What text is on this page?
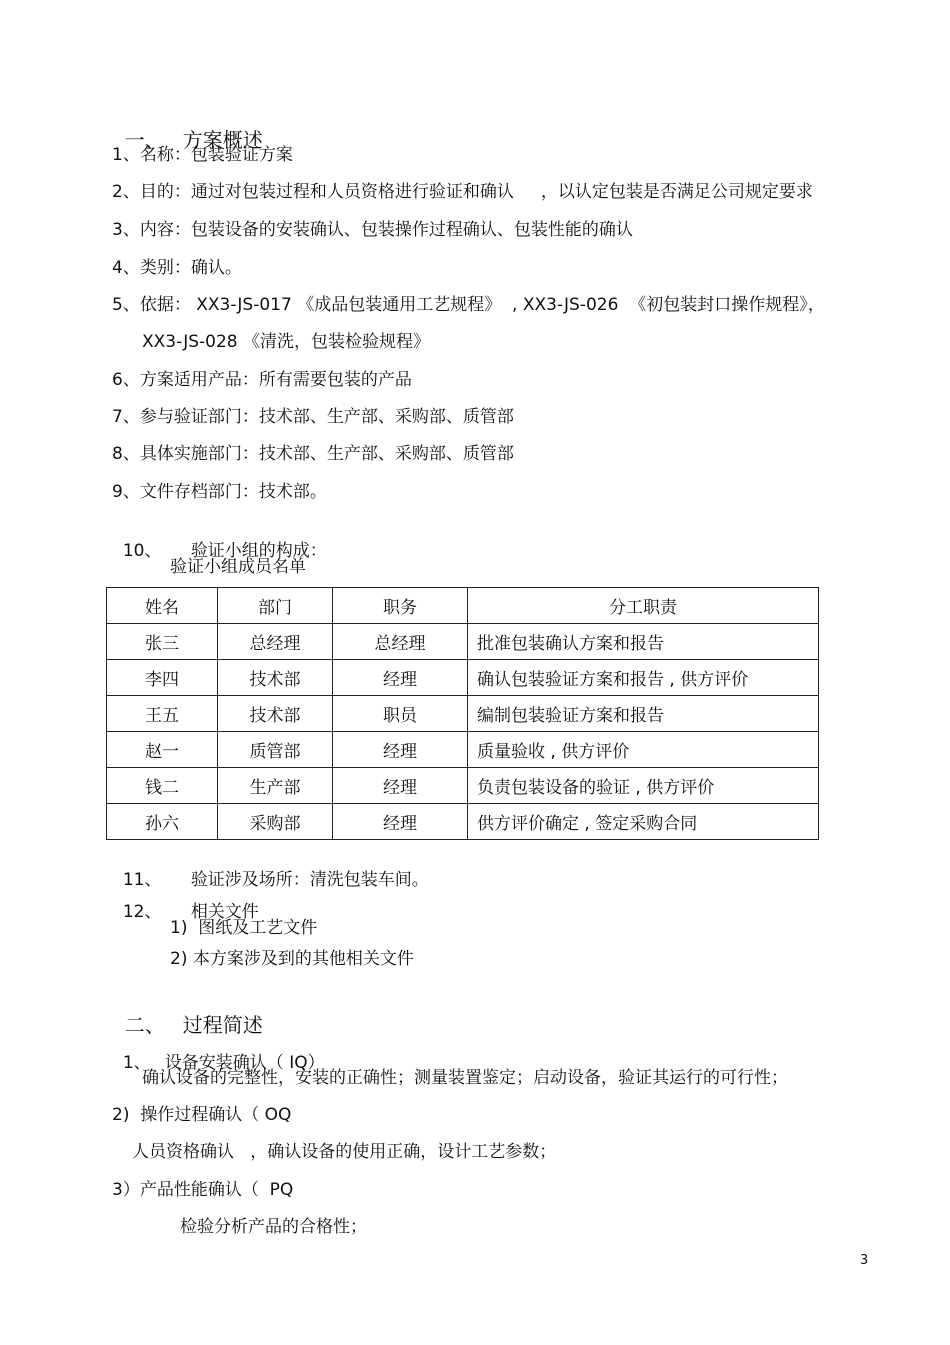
一、 方案概述

1、名称：包装验证方案
2、目的：通过对包装过程和人员资格进行验证和确认     ，以认定包装是否满足公司规定要求
3、内容：包装设备的安装确认、包装操作过程确认、包装性能的确认
4、类别：确认。
5、依据： XX3-JS-017 《成品包装通用工艺规程》  , XX3-JS-026  《初包装封口操作规程》，
XX3-JS-028 《清洗，包装检验规程》
6、方案适用产品：所有需要包装的产品
7、参与验证部门：技术部、生产部、采购部、质管部
8、具体实施部门：技术部、生产部、采购部、质管部
9、文件存档部门：技术部。

10、 验证小组的构成：

验证小组成员名单
姓名	部门	职务	分工职责
张三	总经理	总经理	批准包装确认方案和报告
李四	技术部	经理	确认包装验证方案和报告 , 供方评价
王五	技术部	职员	编制包装验证方案和报告
赵一	质管部	经理	质量验收 , 供方评价
钱二	生产部	经理	负责包装设备的验证 , 供方评价
孙六	采购部	经理	供方评价确定 , 签定采购合同

11、 验证涉及场所：清洗包装车间。

12、 相关文件

1)  图纸及工艺文件
2) 本方案涉及到的其他相关文件

二、 过程简述

1、 设备安装确认（ IQ）

确认设备的完整性，安装的正确性；测量装置鉴定；启动设备，验证其运行的可行性；
2)  操作过程确认（ OQ
人员资格确认   ，确认设备的使用正确，设计工艺参数；
3）产品性能确认（  PQ
检验分析产品的合格性；
3
